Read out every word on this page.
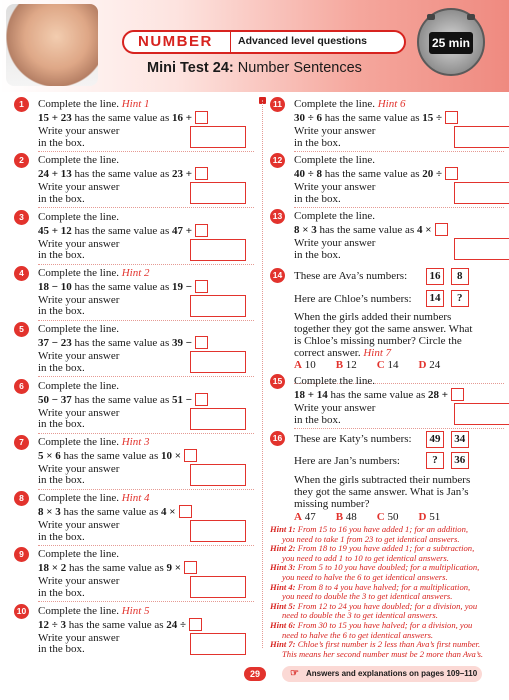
NUMBER Advanced level questions
Mini Test 24: Number Sentences
25 min
1	Complete the line. Hint 1
15 + 23 has the same value as 16 +
Write your answer
in the box.
2	Complete the line.
24 + 13 has the same value as 23 +
Write your answer
in the box.
3	Complete the line.
45 + 12 has the same value as 47 +
Write your answer
in the box.
4	Complete the line. Hint 2
18 − 10 has the same value as 19 −
Write your answer
in the box.
5	Complete the line.
37 − 23 has the same value as 39 −
Write your answer
in the box.
6	Complete the line.
50 − 37 has the same value as 51 −
Write your answer
in the box.
7	Complete the line. Hint 3
5 × 6 has the same value as 10 ×
Write your answer
in the box.
8	Complete the line. Hint 4
8 × 3 has the same value as 4 ×
Write your answer
in the box.
9	Complete the line.
18 × 2 has the same value as 9 ×
Write your answer
in the box.
10 Complete the line. Hint 5
12 ÷ 3 has the same value as 24 ÷
Write your answer
in the box.
11 Complete the line. Hint 6
30 ÷ 6 has the same value as 15 ÷
Write your answer
in the box.
12 Complete the line.
40 ÷ 8 has the same value as 20 ÷
Write your answer
in the box.
13 Complete the line.
8 × 3 has the same value as 4 ×
Write your answer
in the box.
14 These are Ava’s numbers:	16 8
Here are Chloe’s numbers:	14 ?
When the girls added their numbers
together they got the same answer. What
is Chloe’s missing number? Circle the
correct answer. Hint 7
A 10 B 12 C 14 D 24
15 Complete the line.
18 + 14 has the same value as 28 +
Write your answer
in the box.
16 These are Katy’s numbers:	49 34
Here are Jan’s numbers:	? 36
When the girls subtracted their numbers
they got the same answer. What is Jan’s
missing number?
A 47 B 48 C 50 D 51
Hint 1: From 15 to 16 you have added 1; for an addition,
you need to take 1 from 23 to get identical answers.
Hint 2: From 18 to 19 you have added 1; for a subtraction,
you need to add 1 to 10 to get identical answers.
Hint 3: From 5 to 10 you have doubled; for a multiplication,
you need to halve the 6 to get identical answers.
Hint 4: From 8 to 4 you have halved; for a multiplication,
you need to double the 3 to get identical answers.
Hint 5: From 12 to 24 you have doubled; for a division, you
need to double the 3 to get identical answers.
Hint 6: From 30 to 15 you have halved; for a division, you
need to halve the 6 to get identical answers.
Hint 7: Chloe’s first number is 2 less than Ava’s first number.
This means her second number must be 2 more than Ava’s.
29	☞ Answers and explanations on pages 109–110
